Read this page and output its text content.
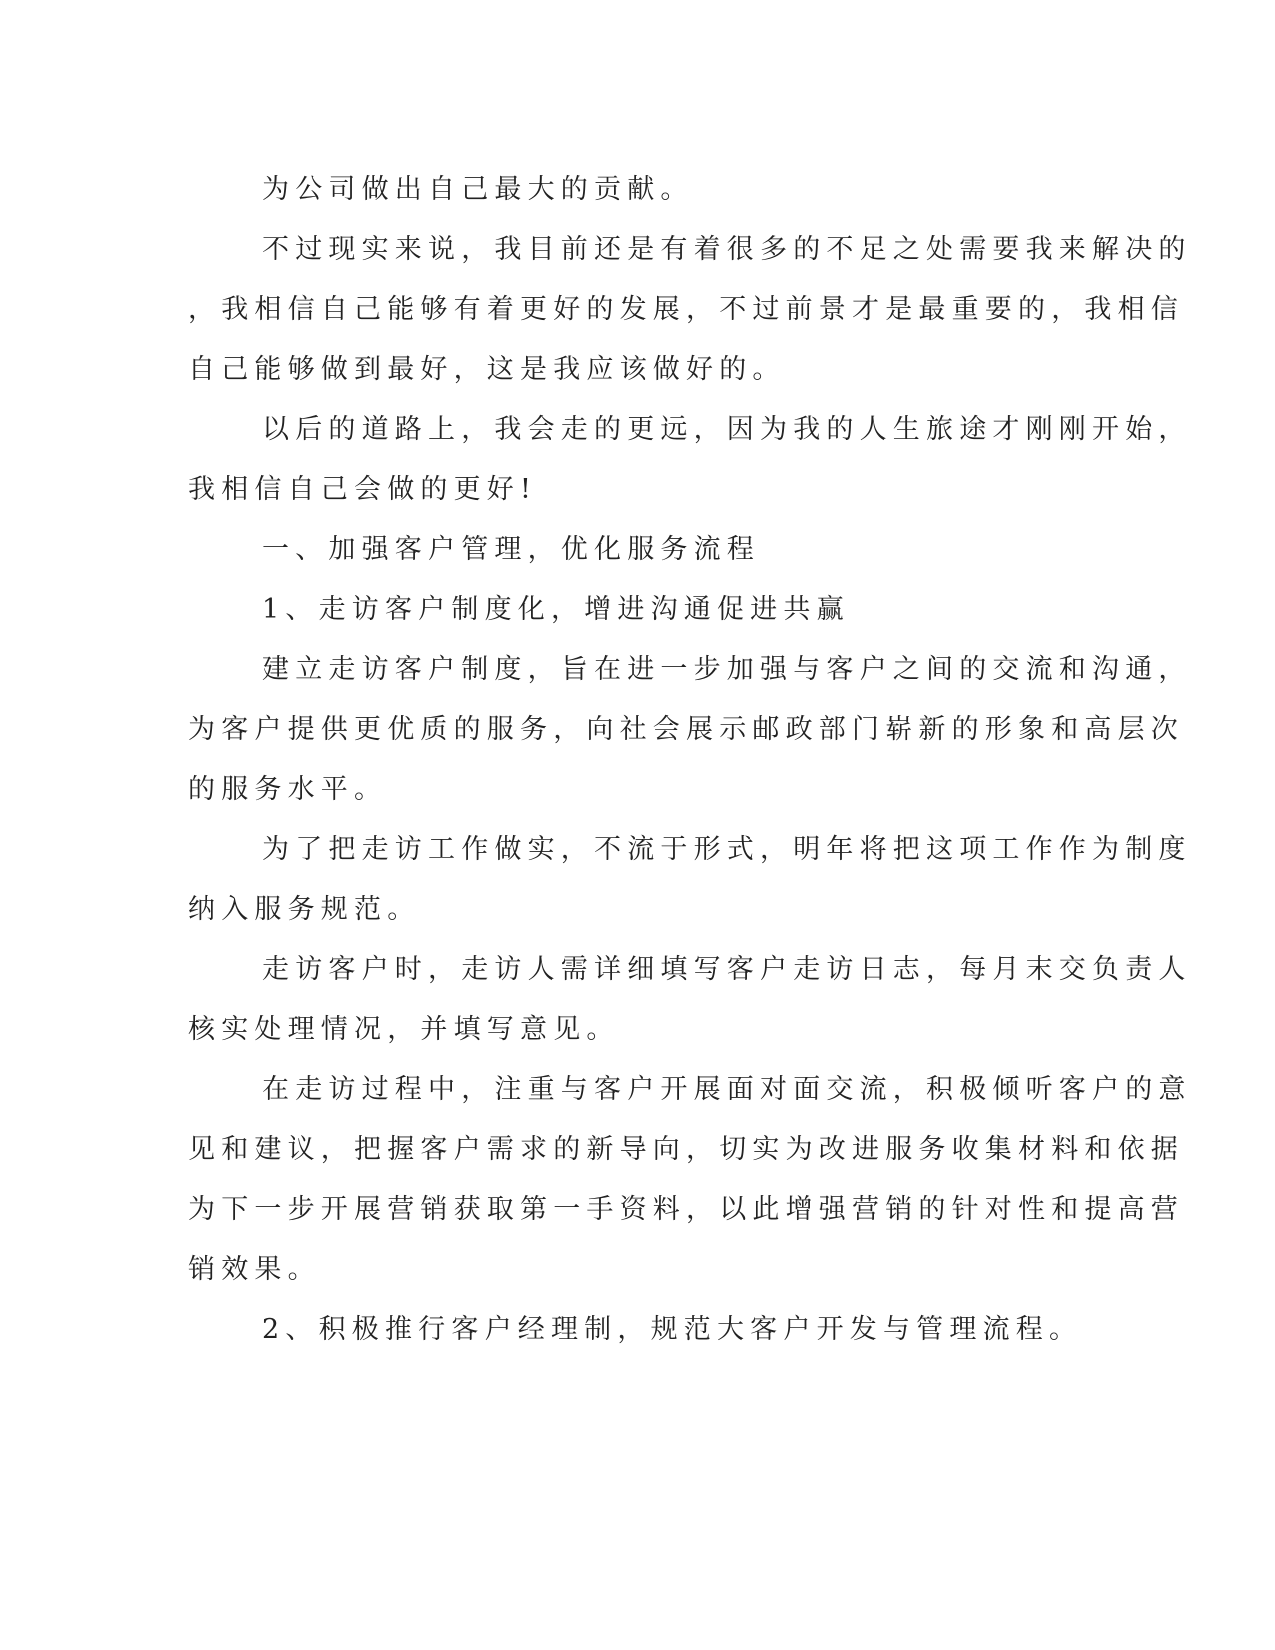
为公司做出自己最大的贡献。
不过现实来说，我目前还是有着很多的不足之处需要我来解决的
，我相信自己能够有着更好的发展，不过前景才是最重要的，我相信
自己能够做到最好，这是我应该做好的。
以后的道路上，我会走的更远，因为我的人生旅途才刚刚开始，
我相信自己会做的更好!
一、加强客户管理，优化服务流程
1、走访客户制度化，增进沟通促进共赢
建立走访客户制度，旨在进一步加强与客户之间的交流和沟通，
为客户提供更优质的服务，向社会展示邮政部门崭新的形象和高层次
的服务水平。
为了把走访工作做实，不流于形式，明年将把这项工作作为制度
纳入服务规范。
走访客户时，走访人需详细填写客户走访日志，每月末交负责人
核实处理情况，并填写意见。
在走访过程中，注重与客户开展面对面交流，积极倾听客户的意
见和建议，把握客户需求的新导向，切实为改进服务收集材料和依据
为下一步开展营销获取第一手资料，以此增强营销的针对性和提高营
销效果。
2、积极推行客户经理制，规范大客户开发与管理流程。
